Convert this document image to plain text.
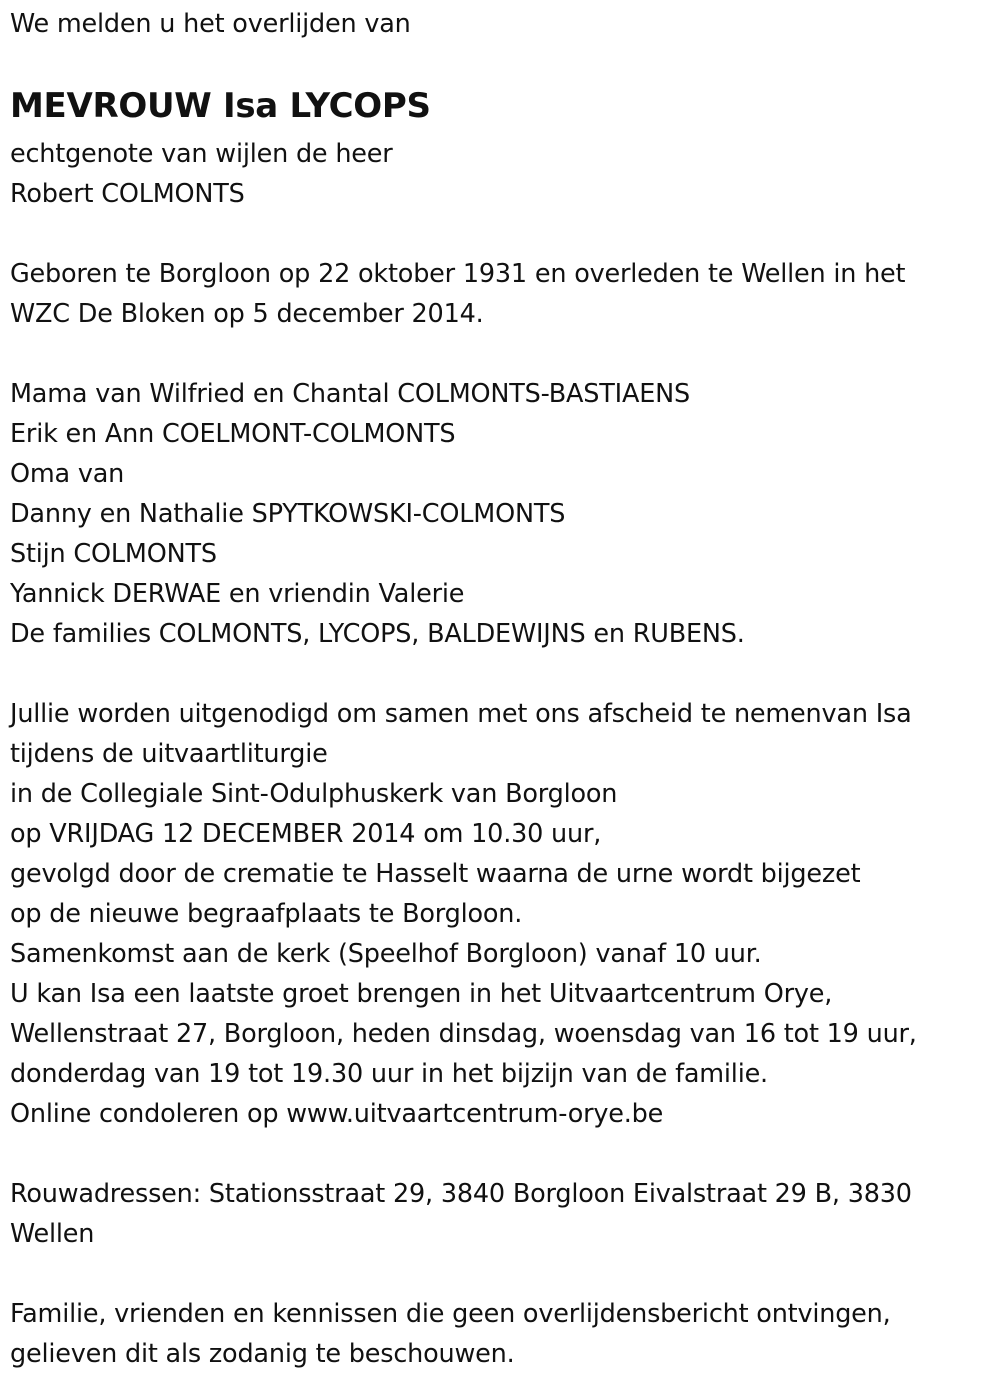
We melden u het overlijden van
MEVROUW Isa LYCOPS
echtgenote van wijlen de heer
Robert COLMONTS
Geboren te Borgloon op 22 oktober 1931 en overleden te Wellen in het
WZC De Bloken op 5 december 2014.
Mama van Wilfried en Chantal COLMONTS-BASTIAENS
Erik en Ann COELMONT-COLMONTS
Oma van
Danny en Nathalie SPYTKOWSKI-COLMONTS
Stijn COLMONTS
Yannick DERWAE en vriendin Valerie
De families COLMONTS, LYCOPS, BALDEWIJNS en RUBENS.
Jullie worden uitgenodigd om samen met ons afscheid te nemenvan Isa
tijdens de uitvaartliturgie
in de Collegiale Sint-Odulphuskerk van Borgloon
op VRIJDAG 12 DECEMBER 2014 om 10.30 uur,
gevolgd door de crematie te Hasselt waarna de urne wordt bijgezet
op de nieuwe begraafplaats te Borgloon.
Samenkomst aan de kerk (Speelhof Borgloon) vanaf 10 uur.
U kan Isa een laatste groet brengen in het Uitvaartcentrum Orye,
Wellenstraat 27, Borgloon, heden dinsdag, woensdag van 16 tot 19 uur,
donderdag van 19 tot 19.30 uur in het bijzijn van de familie.
Online condoleren op www.uitvaartcentrum-orye.be
Rouwadressen: Stationsstraat 29, 3840 Borgloon Eivalstraat 29 B, 3830
Wellen
Familie, vrienden en kennissen die geen overlijdensbericht ontvingen,
gelieven dit als zodanig te beschouwen.
